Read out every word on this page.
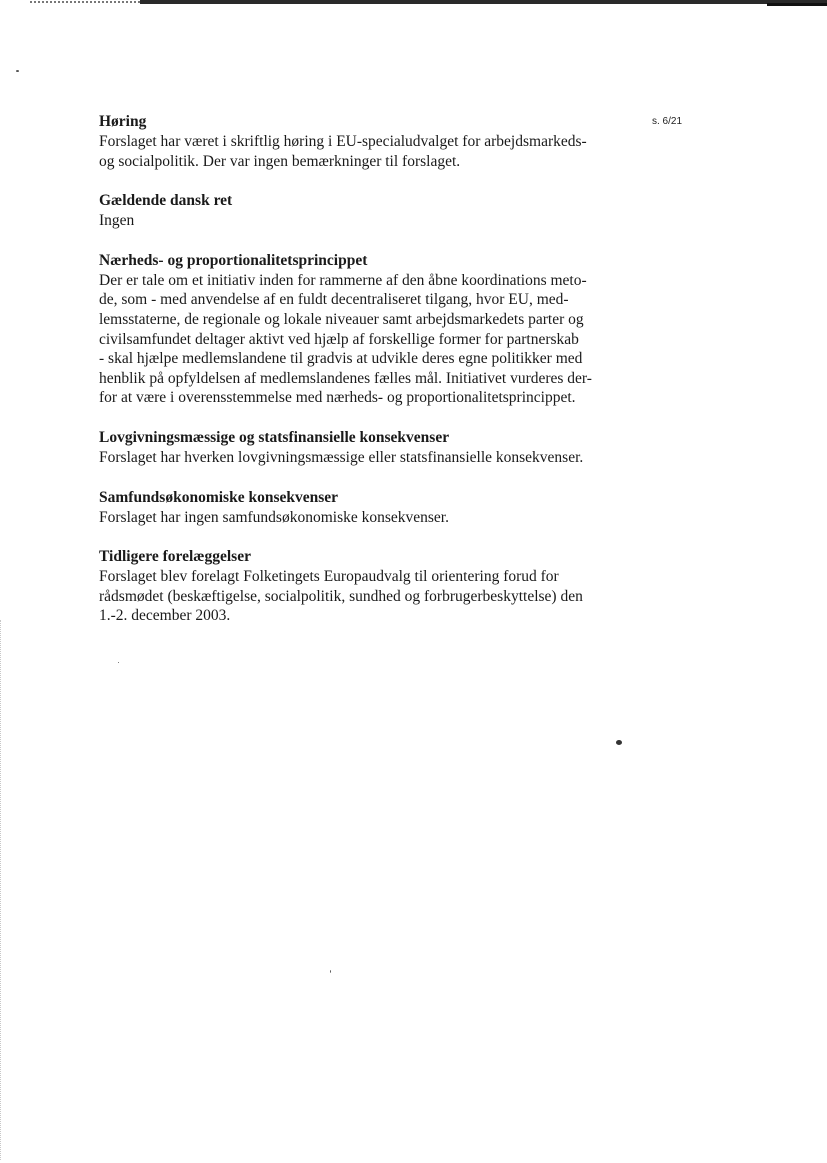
s. 6/21

Høring

Forslaget har været i skriftlig høring i EU-specialudvalget for arbejdsmarkeds-

og socialpolitik. Der var ingen bemærkninger til forslaget.

Gældende dansk ret

Ingen

Nærheds- og proportionalitetsprincippet

Der er tale om et initiativ inden for rammerne af den åbne koordinations meto-

de, som - med anvendelse af en fuldt decentraliseret tilgang, hvor EU, med-

lemsstaterne, de regionale og lokale niveauer samt arbejdsmarkedets parter og

civilsamfundet deltager aktivt ved hjælp af forskellige former for partnerskab

- skal hjælpe medlemslandene til gradvis at udvikle deres egne politikker med

henblik på opfyldelsen af medlemslandenes fælles mål. Initiativet vurderes der-

for at være i overensstemmelse med nærheds- og proportionalitetsprincippet.

Lovgivningsmæssige og statsfinansielle konsekvenser

Forslaget har hverken lovgivningsmæssige eller statsfinansielle konsekvenser.

Samfundsøkonomiske konsekvenser

Forslaget har ingen samfundsøkonomiske konsekvenser.

Tidligere forelæggelser

Forslaget blev forelagt Folketingets Europaudvalg til orientering forud for

rådsmødet (beskæftigelse, socialpolitik, sundhed og forbrugerbeskyttelse) den

1.-2. december 2003.
